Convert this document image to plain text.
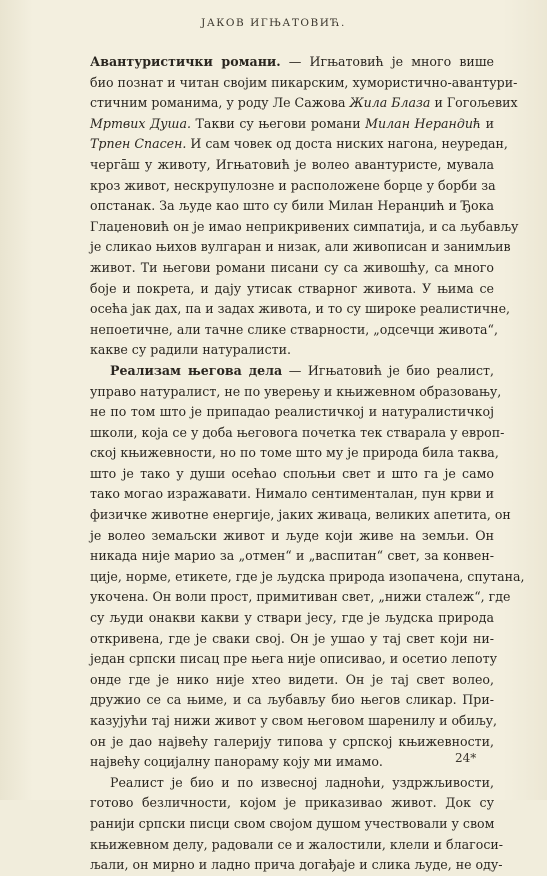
ЈАКОВ ИГЊАТОВИЋ.
Авантуристички романи. — Игњатовић је много више
био познат и читан својим пикарским, хумористично-авантури-
стичним романима, у роду Ле Сажова Жила Блаза и Гогољевих
Мртвих Душа. Такви су његови романи Милан Нерандић и
Трпен Спасен. И сам човек од доста ниских нагона, неуредан,
черга̄ш у животу, Игњатовић је волео авантуристе, мувала
кроз живот, нескрупулозне и расположене борце у борби за
опстанак. За људе као што су били Милан Неранџић и Ђока
Глаџеновић он је имао неприкривених симпатија, и са љубављу
је сликао њихов вулгаран и низак, али живописан и занимљив
живот. Ти његови романи писани су са живошћу, са много
боје и покрета, и дају утисак стварног живота. У њима се
осећа јак дах, па и задах живота, и то су широке реалистичне,
непоетичне, али тачне слике стварности, „одсечци живота“,
какве су радили натуралисти.
Реализам његова дела — Игњатовић је био реалист,
управо натуралист, не по уверењу и књижевном образовању,
не по том што је припадао реалистичкој и натуралистичкој
школи, која се у доба његовога почетка тек стварала у европ-
ској књижевности, но по томе што му је природа била таква,
што је тако у души осећао спољњи свет и што га је само
тако могао изражавати. Нимало сентименталан, пун крви и
физичке животне енергије, јаких живаца, великих апетита, он
је волео земаљски живот и људе који живе на земљи. Он
никада није марио за „отмен“ и „васпитан“ свет, за конвен-
ције, норме, етикете, где је људска природа изопачена, спутана,
укочена. Он воли прост, примитиван свет, „нижи сталеж“, где
су људи онакви какви у ствари јесу, где је људска природа
откривена, где је сваки свој. Он је ушао у тај свет који ни-
један српски писац пре њега није описивао, и осетио лепоту
онде где је нико није хтео видети. Он је тај свет волео,
дружио се са њиме, и са љубављу био његов сликар. При-
казујући тај нижи живот у свом његовом шаренилу и обиљу,
он је дао највећу галерију типова у српској књижевности,
највећу социјалну панораму коју ми имамо.
Реалист је био и по извесној ладноћи, уздржљивости,
готово безличности, којом је приказивао живот. Док су
ранији српски писци свом својом душом учествовали у свом
књижевном делу, радовали се и жалостили, клели и благоси-
љали, он мирно и ладно прича догађаје и слика људе, не оду-
24*
